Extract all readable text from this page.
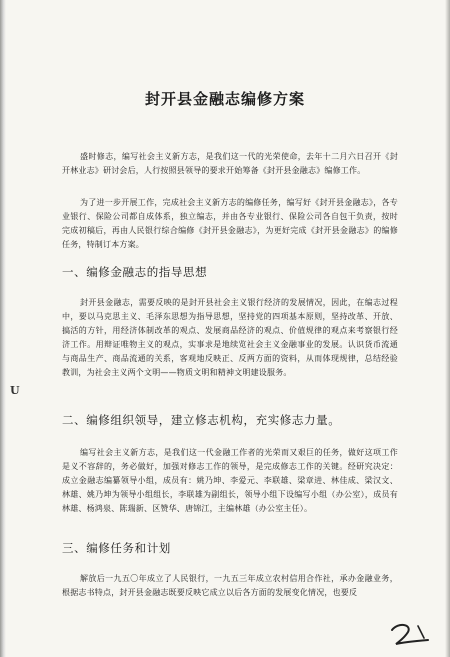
封开县金融志编修方案

盛时修志，编写社会主义新方志，是我们这一代的光荣使命，去年十二月六日召开《封开林业志》研讨会后，人行按照县领导的要求开始筹备《封开县金融志》编修工作。

为了进一步开展工作，完成社会主义新方志的编修任务，编写好《封开县金融志》，各专业银行、保险公司都自成体系，独立编志，并由各专业银行、保险公司各自包干负责，按时完成初稿后，再由人民银行综合编修《封开县金融志》，为更好完成《封开县金融志》的编修任务，特制订本方案。

一、编修金融志的指导思想

封开县金融志，需要反映的是封开县社会主义银行经济的发展情况，因此，在编志过程中，要以马克思主义、毛泽东思想为指导思想，坚持党的四项基本原则，坚持改革、开放、搞活的方针，用经济体制改革的观点、发展商品经济的观点、价值规律的观点来考察银行经济工作。用辩证唯物主义的观点，实事求是地续览社会主义金融事业的发展。认识货币流通与商品生产、商品流通的关系，客观地反映正、反两方面的资料，从而体现规律，总结经验教训，为社会主义两个文明——物质文明和精神文明建设服务。

U
二、编修组织领导，建立修志机构，充实修志力量。

编写社会主义新方志，是我们这一代金融工作者的光荣而又艰巨的任务，做好这项工作是义不容辞的，务必做好，加强对修志工作的领导，是完成修志工作的关键。经研究决定：成立金融志编纂领导小组，成员有：姚乃坤、李爱元、李联雄、梁章进、林佳成、梁汉文、林雄、姚乃坤为领导小组组长，李联雄为副组长，领导小组下设编写小组（办公室），成员有林雄、杨鸿泉、陈瑞新、区赞华、唐锦江，主编林雄（办公室主任）。

三、编修任务和计划

解放后一九五〇年成立了人民银行，一九五三年成立农村信用合作社，承办金融业务，根据志书特点，封开县金融志既要反映它成立以后各方面的发展变化情况，也要反
